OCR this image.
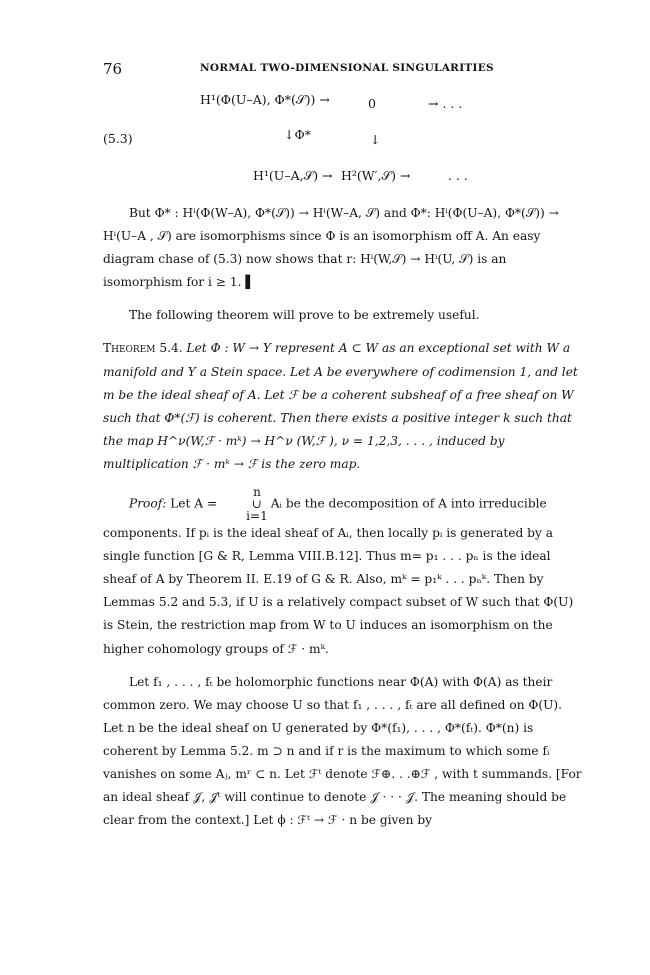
76	NORMAL TWO-DIMENSIONAL SINGULARITIES
(5.3)
H¹(Φ(U–A), Φ*(𝒮)) →	0	→ . . .
↓Φ*	↓
H¹(U–A,𝒮) → H²(W′,𝒮) →	. . .

But Φ* : Hⁱ(Φ(W–A), Φ*(𝒮)) → Hⁱ(W–A, 𝒮) and Φ*: Hⁱ(Φ(U–A), Φ*(𝒮)) → Hⁱ(U–A , 𝒮) are isomorphisms since Φ is an isomorphism off A. An easy diagram chase of (5.3) now shows that r: Hⁱ(W,𝒮) → Hⁱ(U, 𝒮) is an isomorphism for i ≥ 1. ▌

The following theorem will prove to be extremely useful.

Theorem 5.4. Let Φ : W → Y represent A ⊂ W as an exceptional set with W a manifold and Y a Stein space. Let A be everywhere of codimension 1, and let m be the ideal sheaf of A. Let ℱ be a coherent subsheaf of a free sheaf on W such that Φ*(ℱ) is coherent. Then there exists a positive integer k such that the map H^ν(W,ℱ · mᵏ) → H^ν (W,ℱ ), ν = 1,2,3, . . . , induced by multiplication ℱ · mᵏ → ℱ is the zero map.

Proof: Let A =
n
∪
i=1
Aᵢ be the decomposition of A into irreducible components. If pᵢ is the ideal sheaf of Aᵢ, then locally pᵢ is generated by a single function [G & R, Lemma VIII.B.12]. Thus m= p₁ . . . pₙ is the ideal sheaf of A by Theorem II. E.19 of G & R. Also, mᵏ = p₁ᵏ . . . pₙᵏ. Then by Lemmas 5.2 and 5.3, if U is a relatively compact subset of W such that Φ(U) is Stein, the restriction map from W to U induces an isomorphism on the higher cohomology groups of ℱ · mᵏ.

Let f₁ , . . . , fₜ be holomorphic functions near Φ(A) with Φ(A) as their common zero. We may choose U so that f₁ , . . . , fₜ are all defined on Φ(U). Let n be the ideal sheaf on U generated by Φ*(f₁), . . . , Φ*(fₜ). Φ*(n) is coherent by Lemma 5.2. m ⊃ n and if r is the maximum to which some fᵢ vanishes on some Aⱼ, mʳ ⊂ n. Let ℱᵗ denote ℱ⊕. . .⊕ℱ , with t summands. [For an ideal sheaf 𝒥, 𝒥ᵗ will continue to denote 𝒥 · · · 𝒥. The meaning should be clear from the context.] Let ϕ : ℱᵗ → ℱ · n be given by
